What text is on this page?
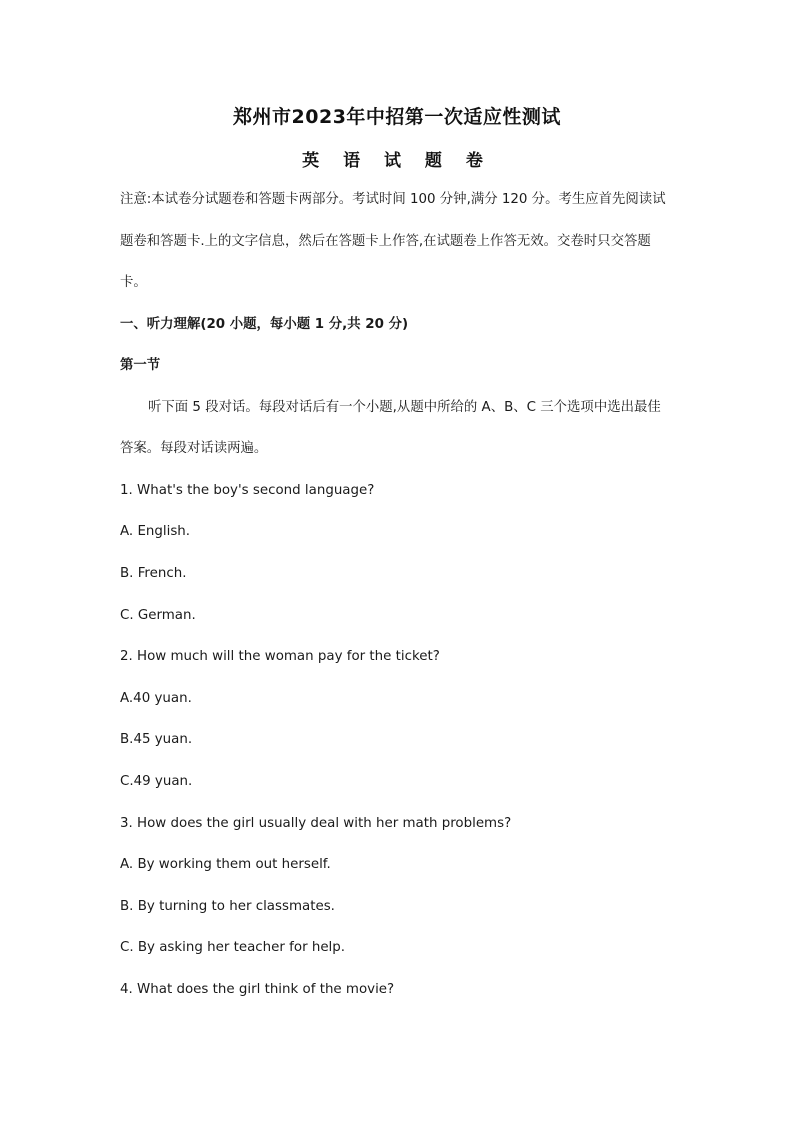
郑州市2023年中招第一次适应性测试
英 语 试 题 卷
注意:本试卷分试题卷和答题卡两部分。考试时间 100 分钟,满分 120 分。考生应首先阅读试
题卷和答题卡.上的文字信息，然后在答题卡上作答,在试题卷上作答无效。交卷时只交答题
卡。
一、听力理解(20 小题，每小题 1 分,共 20 分)
第一节
听下面 5 段对话。每段对话后有一个小题,从题中所给的 A、B、C 三个选项中选出最佳
答案。每段对话读两遍。
1. What's the boy's second language?
A. English.
B. French.
C. German.
2. How much will the woman pay for the ticket?
A.40 yuan.
B.45 yuan.
C.49 yuan.
3. How does the girl usually deal with her math problems?
A. By working them out herself.
B. By turning to her classmates.
C. By asking her teacher for help.
4. What does the girl think of the movie?
